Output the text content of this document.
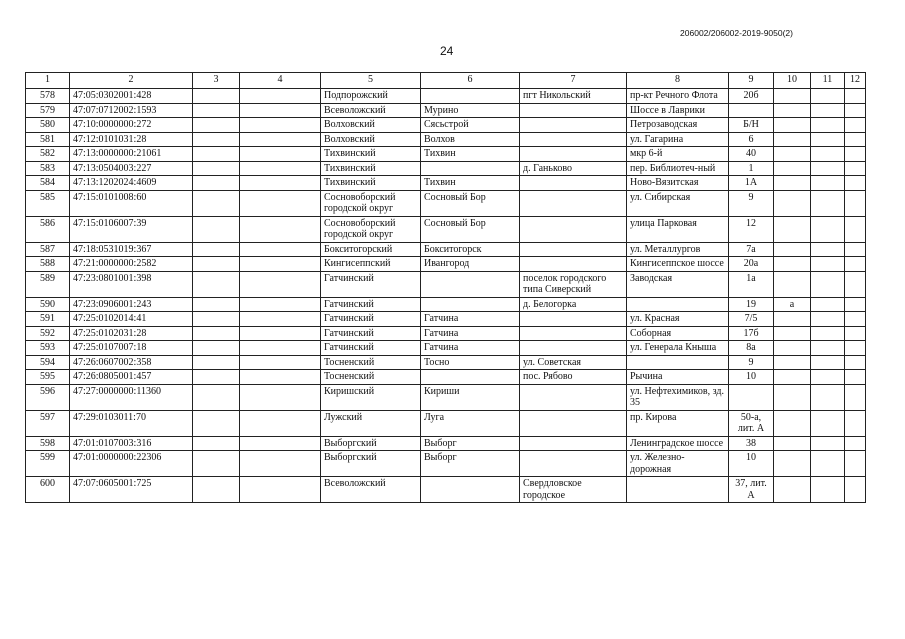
206002/206002-2019-9050(2)
24
1	2	3	4	5	6	7	8	9	10	11	12
578	47:05:0302001:428			Подпорожский		пгт Никольский	пр-кт Речного Флота	20б			
579	47:07:0712002:1593			Всеволожский	Мурино		Шоссе в Лаврики				
580	47:10:0000000:272			Волховский	Сясьстрой		Петрозаводская	Б/Н			
581	47:12:0101031:28			Волховский	Волхов		ул. Гагарина	6			
582	47:13:0000000:21061			Тихвинский	Тихвин		мкр 6-й	40			
583	47:13:0504003:227			Тихвинский		д. Ганьково	пер. Библиотеч-ный	1			
584	47:13:1202024:4609			Тихвинский	Тихвин		Ново-Вязитская	1А			
585	47:15:0101008:60			Сосновоборский городской округ	Сосновый Бор		ул. Сибирская	9			
586	47:15:0106007:39			Сосновоборский городской округ	Сосновый Бор		улица Парковая	12			
587	47:18:0531019:367			Бокситогорский	Бокситогорск		ул. Металлургов	7а			
588	47:21:0000000:2582			Кингисеппский	Ивангород		Кингисеппское шоссе	20а			
589	47:23:0801001:398			Гатчинский		поселок городского типа Сиверский	Заводская	1а			
590	47:23:0906001:243			Гатчинский		д. Белогорка		19	а		
591	47:25:0102014:41			Гатчинский	Гатчина		ул. Красная	7/5			
592	47:25:0102031:28			Гатчинский	Гатчина		Соборная	17б			
593	47:25:0107007:18			Гатчинский	Гатчина		ул. Генерала Кныша	8а			
594	47:26:0607002:358			Тосненский	Тосно	ул. Советская		9			
595	47:26:0805001:457			Тосненский		пос. Рябово	Рычина	10			
596	47:27:0000000:11360			Киришский	Кириши		ул. Нефтехимиков, зд. 35				
597	47:29:0103011:70			Лужский	Луга		пр. Кирова	50-а, лит. А			
598	47:01:0107003:316			Выборгский	Выборг		Ленинградское шоссе	38			
599	47:01:0000000:22306			Выборгский	Выборг		ул. Железно-дорожная	10			
600	47:07:0605001:725			Всеволожский		Свердловское городское		37, лит. А			
